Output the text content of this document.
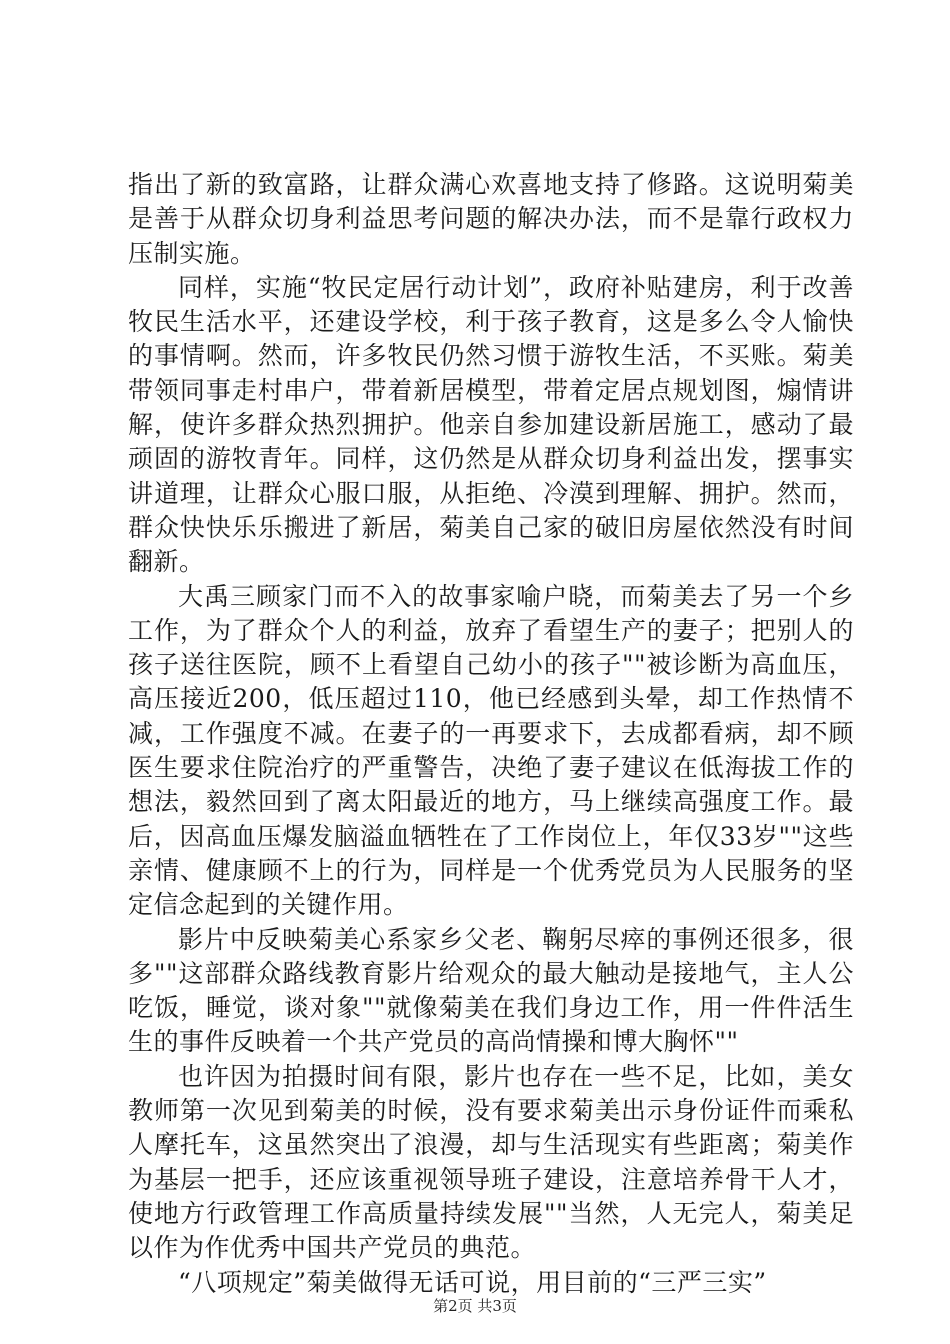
指出了新的致富路，让群众满心欢喜地支持了修路。这说明菊美是善于从群众切身利益思考问题的解决办法，而不是靠行政权力压制实施。

同样，实施“牧民定居行动计划”，政府补贴建房，利于改善牧民生活水平，还建设学校，利于孩子教育，这是多么令人愉快的事情啊。然而，许多牧民仍然习惯于游牧生活，不买账。菊美带领同事走村串户，带着新居模型，带着定居点规划图，煽情讲解，使许多群众热烈拥护。他亲自参加建设新居施工，感动了最顽固的游牧青年。同样，这仍然是从群众切身利益出发，摆事实讲道理，让群众心服口服，从拒绝、冷漠到理解、拥护。然而，群众快快乐乐搬进了新居，菊美自己家的破旧房屋依然没有时间翻新。

大禹三顾家门而不入的故事家喻户晓，而菊美去了另一个乡工作，为了群众个人的利益，放弃了看望生产的妻子；把别人的孩子送往医院，顾不上看望自己幼小的孩子""被诊断为高血压，高压接近200，低压超过110，他已经感到头晕，却工作热情不减，工作强度不减。在妻子的一再要求下，去成都看病，却不顾医生要求住院治疗的严重警告，决绝了妻子建议在低海拔工作的想法，毅然回到了离太阳最近的地方，马上继续高强度工作。最后，因高血压爆发脑溢血牺牲在了工作岗位上，年仅33岁""这些亲情、健康顾不上的行为，同样是一个优秀党员为人民服务的坚定信念起到的关键作用。

影片中反映菊美心系家乡父老、鞠躬尽瘁的事例还很多，很多""这部群众路线教育影片给观众的最大触动是接地气，主人公吃饭，睡觉，谈对象""就像菊美在我们身边工作，用一件件活生生的事件反映着一个共产党员的高尚情操和博大胸怀""

也许因为拍摄时间有限，影片也存在一些不足，比如，美女教师第一次见到菊美的时候，没有要求菊美出示身份证件而乘私人摩托车，这虽然突出了浪漫，却与生活现实有些距离；菊美作为基层一把手，还应该重视领导班子建设，注意培养骨干人才，使地方行政管理工作高质量持续发展""当然，人无完人，菊美足以作为作优秀中国共产党员的典范。

“八项规定”菊美做得无话可说，用目前的“三严三实”

第2页 共3页
